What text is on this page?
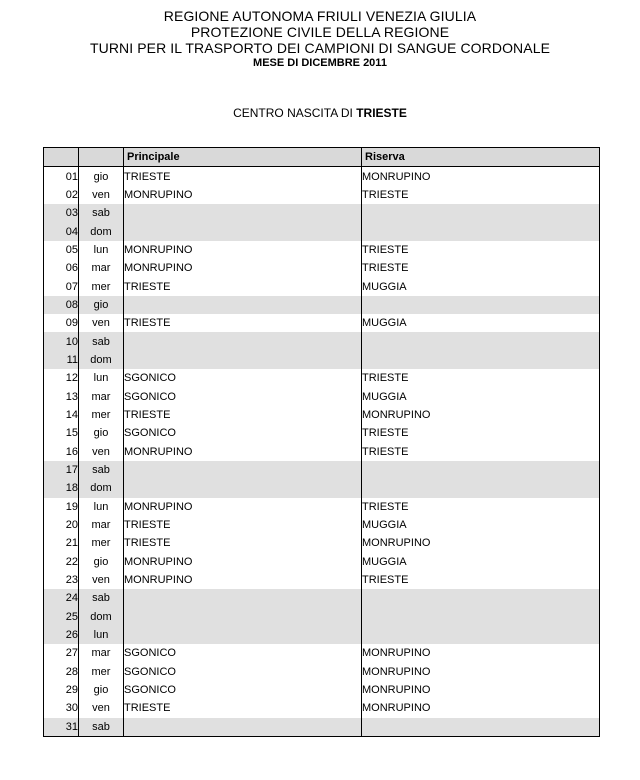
REGIONE AUTONOMA FRIULI VENEZIA GIULIA
PROTEZIONE CIVILE DELLA REGIONE
TURNI PER IL TRASPORTO DEI CAMPIONI DI SANGUE CORDONALE
MESE DI DICEMBRE 2011
CENTRO NASCITA DI TRIESTE
		Principale	Riserva
01	gio	TRIESTE	MONRUPINO
02	ven	MONRUPINO	TRIESTE
03	sab		
04	dom		
05	lun	MONRUPINO	TRIESTE
06	mar	MONRUPINO	TRIESTE
07	mer	TRIESTE	MUGGIA
08	gio		
09	ven	TRIESTE	MUGGIA
10	sab		
11	dom		
12	lun	SGONICO	TRIESTE
13	mar	SGONICO	MUGGIA
14	mer	TRIESTE	MONRUPINO
15	gio	SGONICO	TRIESTE
16	ven	MONRUPINO	TRIESTE
17	sab		
18	dom		
19	lun	MONRUPINO	TRIESTE
20	mar	TRIESTE	MUGGIA
21	mer	TRIESTE	MONRUPINO
22	gio	MONRUPINO	MUGGIA
23	ven	MONRUPINO	TRIESTE
24	sab		
25	dom		
26	lun		
27	mar	SGONICO	MONRUPINO
28	mer	SGONICO	MONRUPINO
29	gio	SGONICO	MONRUPINO
30	ven	TRIESTE	MONRUPINO
31	sab		
